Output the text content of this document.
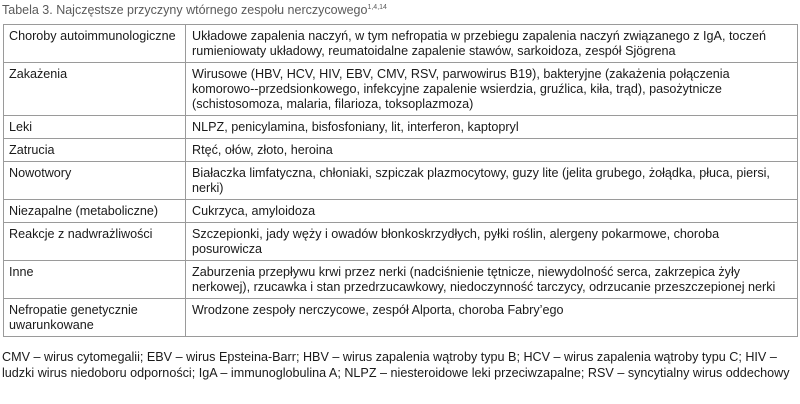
Tabela 3. Najczęstsze przyczyny wtórnego zespołu nerczycowego$^{1,4,14}$
Choroby autoimmunologiczne	Układowe zapalenia naczyń, w tym nefropatia w przebiegu zapalenia naczyń związanego z IgA, toczeń rumieniowaty układowy, reumatoidalne zapalenie stawów, sarkoidoza, zespół Sjögrena
Zakażenia	Wirusowe (HBV, HCV, HIV, EBV, CMV, RSV, parwowirus B19), bakteryjne (zakażenia połączenia komorowo--przedsionkowego, infekcyjne zapalenie wsierdzia, gruźlica, kiła, trąd), pasożytnicze (schistosomoza, malaria, filarioza, toksoplazmoza)
Leki	NLPZ, penicylamina, bisfosfoniany, lit, interferon, kaptopryl
Zatrucia	Rtęć, ołów, złoto, heroina
Nowotwory	Białaczka limfatyczna, chłoniaki, szpiczak plazmocytowy, guzy lite (jelita grubego, żołądka, płuca, piersi, nerki)
Niezapalne (metaboliczne)	Cukrzyca, amyloidoza
Reakcje z nadwrażliwości	Szczepionki, jady węży i owadów błonkoskrzydłych, pyłki roślin, alergeny pokarmowe, choroba posurowicza
Inne	Zaburzenia przepływu krwi przez nerki (nadciśnienie tętnicze, niewydolność serca, zakrzepica żyły nerkowej), rzucawka i stan przedrzucawkowy, niedoczynność tarczycy, odrzucanie przeszczepionej nerki
Nefropatie genetycznie uwarunkowane	Wrodzone zespoły nerczycowe, zespół Alporta, choroba Fabry’ego
CMV – wirus cytomegalii; EBV – wirus Epsteina-Barr; HBV – wirus zapalenia wątroby typu B; HCV – wirus zapalenia wątroby typu C; HIV – ludzki wirus niedoboru odporności; IgA – immunoglobulina A; NLPZ – niesteroidowe leki przeciwzapalne; RSV – syncytialny wirus oddechowy
